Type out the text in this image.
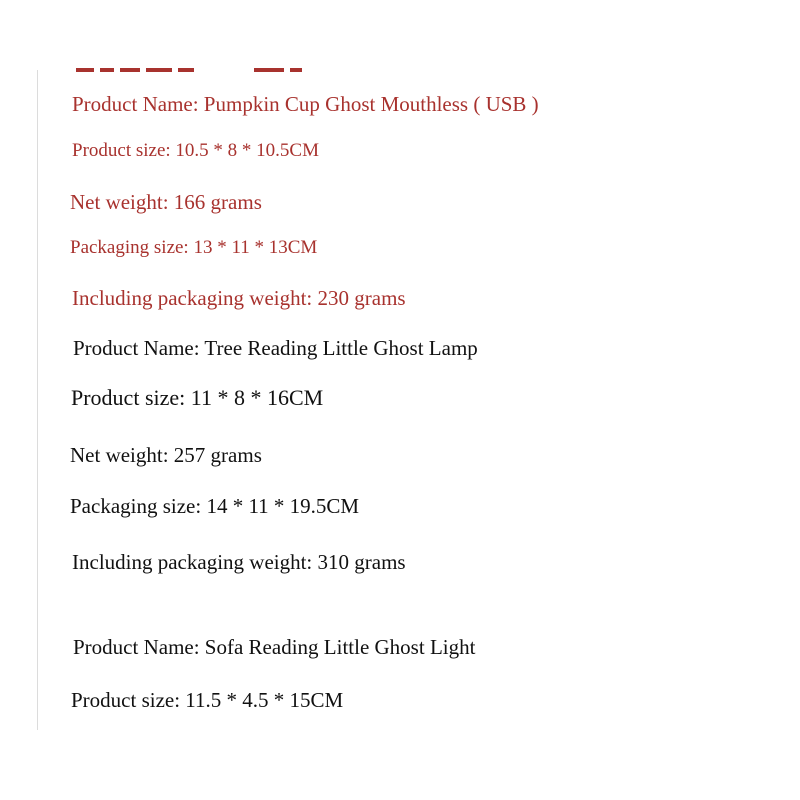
Product Name: Pumpkin Cup Ghost Mouthless ( USB )
Product size: 10.5 * 8 * 10.5CM
Net weight: 166 grams
Packaging size: 13 * 11 * 13CM
Including packaging weight: 230 grams
Product Name: Tree Reading Little Ghost Lamp
Product size: 11 * 8 * 16CM
Net weight: 257 grams
Packaging size: 14 * 11 * 19.5CM
Including packaging weight: 310 grams
Product Name: Sofa Reading Little Ghost Light
Product size: 11.5 * 4.5 * 15CM
